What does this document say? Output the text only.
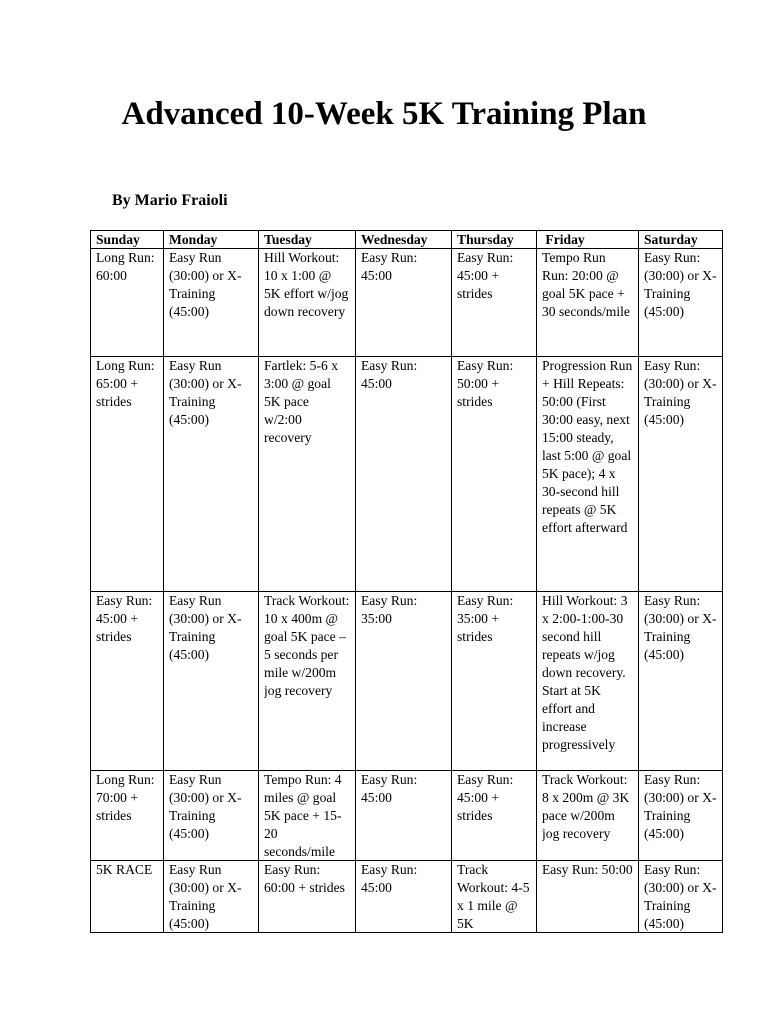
Advanced 10-Week 5K Training Plan

By Mario Fraioli

Sunday	Monday	Tuesday	Wednesday	Thursday	Friday	Saturday

Long Run: 60:00	Easy Run (30:00) or X-Training (45:00)	Hill Workout: 10 x 1:00 @ 5K effort w/jog down recovery	Easy Run: 45:00	Easy Run: 45:00 + strides	Tempo Run Run: 20:00 @ goal 5K pace + 30 seconds/mile	Easy Run: (30:00) or X-Training (45:00)

Long Run: 65:00 + strides	Easy Run (30:00) or X-Training (45:00)	Fartlek: 5-6 x 3:00 @ goal 5K pace w/2:00 recovery	Easy Run: 45:00	Easy Run: 50:00 + strides	Progression Run + Hill Repeats: 50:00 (First 30:00 easy, next 15:00 steady, last 5:00 @ goal 5K pace); 4 x 30-second hill repeats @ 5K effort afterward	Easy Run: (30:00) or X-Training (45:00)

Easy Run: 45:00 + strides	Easy Run (30:00) or X-Training (45:00)	Track Workout: 10 x 400m @ goal 5K pace – 5 seconds per mile w/200m jog recovery	Easy Run: 35:00	Easy Run: 35:00 + strides	Hill Workout: 3 x 2:00-1:00-30 second hill repeats w/jog down recovery. Start at 5K effort and increase progressively	Easy Run: (30:00) or X-Training (45:00)

Long Run: 70:00 + strides	Easy Run (30:00) or X-Training (45:00)	Tempo Run: 4 miles @ goal 5K pace + 15-20 seconds/mile	Easy Run: 45:00	Easy Run: 45:00 + strides	Track Workout: 8 x 200m @ 3K pace w/200m jog recovery	Easy Run: (30:00) or X-Training (45:00)

5K RACE	Easy Run (30:00) or X-Training (45:00)	Easy Run: 60:00 + strides	Easy Run: 45:00	Track Workout: 4-5 x 1 mile @ 5K	Easy Run: 50:00	Easy Run: (30:00) or X-Training (45:00)
